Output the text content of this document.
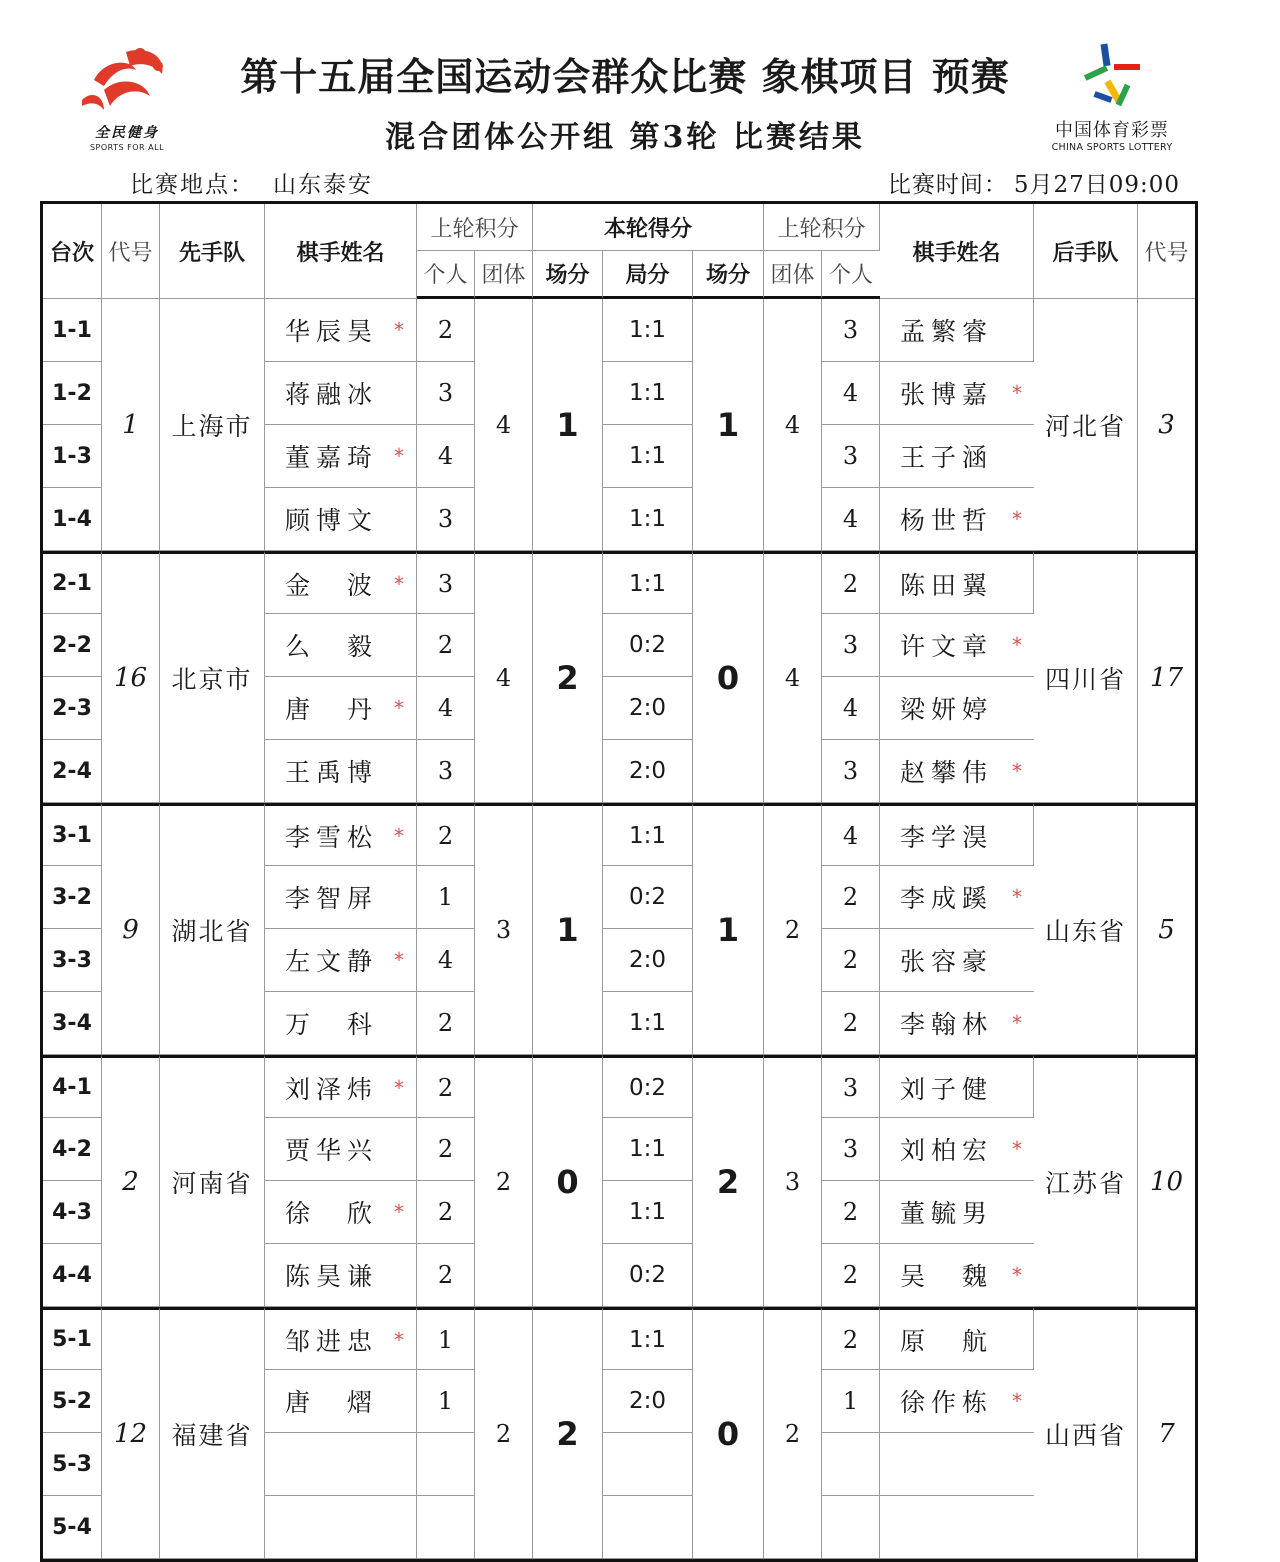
全民健身
SPORTS FOR ALL
中国体育彩票
CHINA SPORTS LOTTERY
第十五届全国运动会群众比赛 象棋项目 预赛
混合团体公开组 第3轮 比赛结果
比赛地点： 山东泰安	比赛时间： 5月27日09:00
台次	代号	先手队	棋手姓名	上轮积分		本轮得分			上轮积分		棋手姓名	后手队	代号
				个人	团体	场分	局分	场分	团体	个人			
1-1	1	上海市	华辰昊 *	2	4	1	1:1	1	4	3	孟繁睿	河北省	3
1-2			蒋融冰	3			1:1			4	张博嘉 *		

1-3			董嘉琦 *	4			1:1			3	王子涵		

1-4			顾博文	3			1:1			4	杨世哲 *		

2-1	16	北京市	金　波 *	3	4	2	1:1	0	4	2	陈田翼	四川省	17
2-2			么　毅	2			0:2			3	许文章 *		

2-3			唐　丹 *	4			2:0			4	梁妍婷		

2-4			王禹博	3			2:0			3	赵攀伟 *		

3-1	9	湖北省	李雪松 *	2	3	1	1:1	1	2	4	李学淏	山东省	5
3-2			李智屏	1			0:2			2	李成蹊 *		

3-3			左文静 *	4			2:0			2	张容豪		

3-4			万　科	2			1:1			2	李翰林 *		

4-1	2	河南省	刘泽炜 *	2	2	0	0:2	2	3	3	刘子健	江苏省	10
4-2			贾华兴	2			1:1			3	刘柏宏 *		

4-3			徐　欣 *	2			1:1			2	董毓男		

4-4			陈昊谦	2			0:2			2	吴　魏 *		

5-1	12	福建省	邹进忠 *	1	2	2	1:1	0	2	2	原　航	山西省	7
5-2			唐　熠	1			2:0			1	徐作栋 *		

5-3									

5-4									
